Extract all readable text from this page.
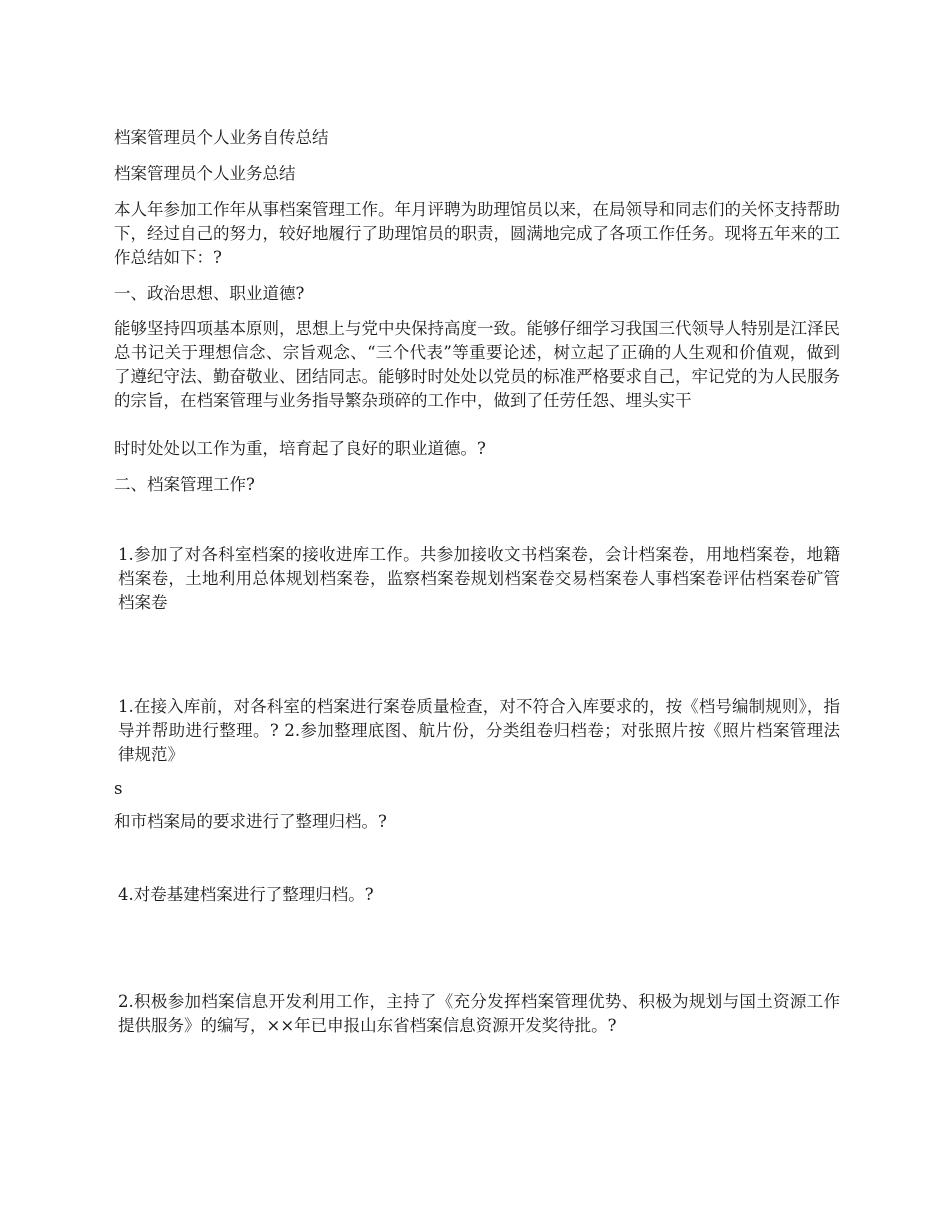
档案管理员个人业务自传总结

档案管理员个人业务总结

本人年参加工作年从事档案管理工作。年月评聘为助理馆员以来，在局领导和同志们的关怀支持帮助下，经过自己的努力，较好地履行了助理馆员的职责，圆满地完成了各项工作任务。现将五年来的工作总结如下：?

一、政治思想、职业道德?

能够坚持四项基本原则，思想上与党中央保持高度一致。能够仔细学习我国三代领导人特别是江泽民总书记关于理想信念、宗旨观念、“三个代表”等重要论述，树立起了正确的人生观和价值观，做到了遵纪守法、勤奋敬业、团结同志。能够时时处处以党员的标准严格要求自己，牢记党的为人民服务的宗旨，在档案管理与业务指导繁杂琐碎的工作中，做到了任劳任怨、埋头实干

时时处处以工作为重，培育起了良好的职业道德。?

二、档案管理工作?

1.参加了对各科室档案的接收进库工作。共参加接收文书档案卷，会计档案卷，用地档案卷，地籍档案卷，土地利用总体规划档案卷，监察档案卷规划档案卷交易档案卷人事档案卷评估档案卷矿管档案卷

1.在接入库前，对各科室的档案进行案卷质量检查，对不符合入库要求的，按《档号编制规则》，指导并帮助进行整理。? 2.参加整理底图、航片份，分类组卷归档卷；对张照片按《照片档案管理法律规范》

s

和市档案局的要求进行了整理归档。?

4.对卷基建档案进行了整理归档。?

2.积极参加档案信息开发利用工作，主持了《充分发挥档案管理优势、积极为规划与国土资源工作提供服务》的编写，××年已申报山东省档案信息资源开发奖待批。?
